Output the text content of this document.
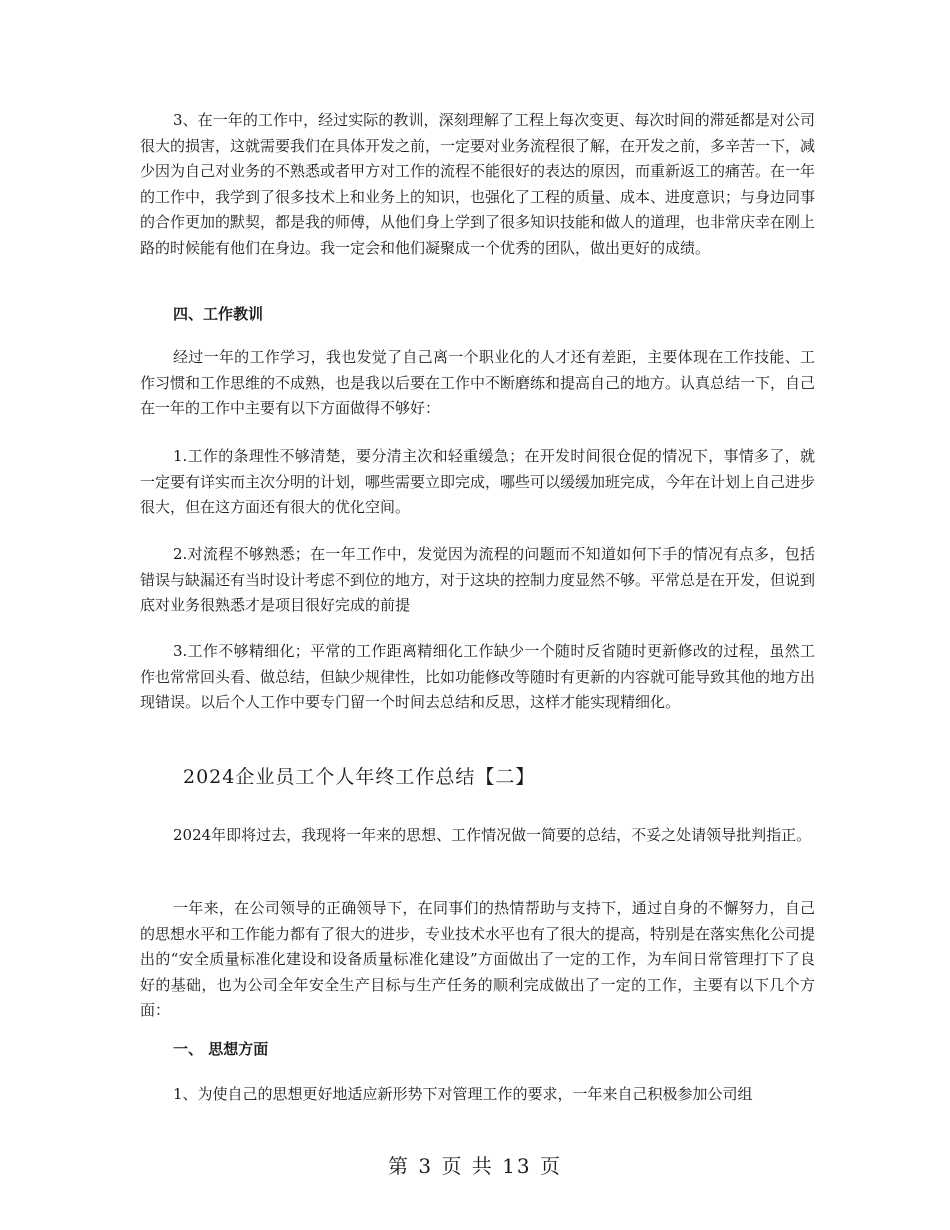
3、在一年的工作中，经过实际的教训，深刻理解了工程上每次变更、每次时间的滞延都是对公司很大的损害，这就需要我们在具体开发之前，一定要对业务流程很了解，在开发之前，多辛苦一下，减少因为自己对业务的不熟悉或者甲方对工作的流程不能很好的表达的原因，而重新返工的痛苦。在一年的工作中，我学到了很多技术上和业务上的知识，也强化了工程的质量、成本、进度意识；与身边同事的合作更加的默契，都是我的师傅，从他们身上学到了很多知识技能和做人的道理，也非常庆幸在刚上路的时候能有他们在身边。我一定会和他们凝聚成一个优秀的团队，做出更好的成绩。

四、工作教训

经过一年的工作学习，我也发觉了自己离一个职业化的人才还有差距，主要体现在工作技能、工作习惯和工作思维的不成熟，也是我以后要在工作中不断磨练和提高自己的地方。认真总结一下，自己在一年的工作中主要有以下方面做得不够好：

1.工作的条理性不够清楚，要分清主次和轻重缓急；在开发时间很仓促的情况下，事情多了，就一定要有详实而主次分明的计划，哪些需要立即完成，哪些可以缓缓加班完成，今年在计划上自己进步很大，但在这方面还有很大的优化空间。

2.对流程不够熟悉；在一年工作中，发觉因为流程的问题而不知道如何下手的情况有点多，包括错误与缺漏还有当时设计考虑不到位的地方，对于这块的控制力度显然不够。平常总是在开发，但说到底对业务很熟悉才是项目很好完成的前提

3.工作不够精细化；平常的工作距离精细化工作缺少一个随时反省随时更新修改的过程，虽然工作也常常回头看、做总结，但缺少规律性，比如功能修改等随时有更新的内容就可能导致其他的地方出现错误。以后个人工作中要专门留一个时间去总结和反思，这样才能实现精细化。

2024企业员工个人年终工作总结【二】

2024年即将过去，我现将一年来的思想、工作情况做一简要的总结，不妥之处请领导批判指正。

一年来，在公司领导的正确领导下，在同事们的热情帮助与支持下，通过自身的不懈努力，自己的思想水平和工作能力都有了很大的进步，专业技术水平也有了很大的提高，特别是在落实焦化公司提出的“安全质量标准化建设和设备质量标准化建设”方面做出了一定的工作，为车间日常管理打下了良好的基础，也为公司全年安全生产目标与生产任务的顺利完成做出了一定的工作，主要有以下几个方面：

一、 思想方面

1、为使自己的思想更好地适应新形势下对管理工作的要求，一年来自己积极参加公司组

第 3 页 共 13 页
